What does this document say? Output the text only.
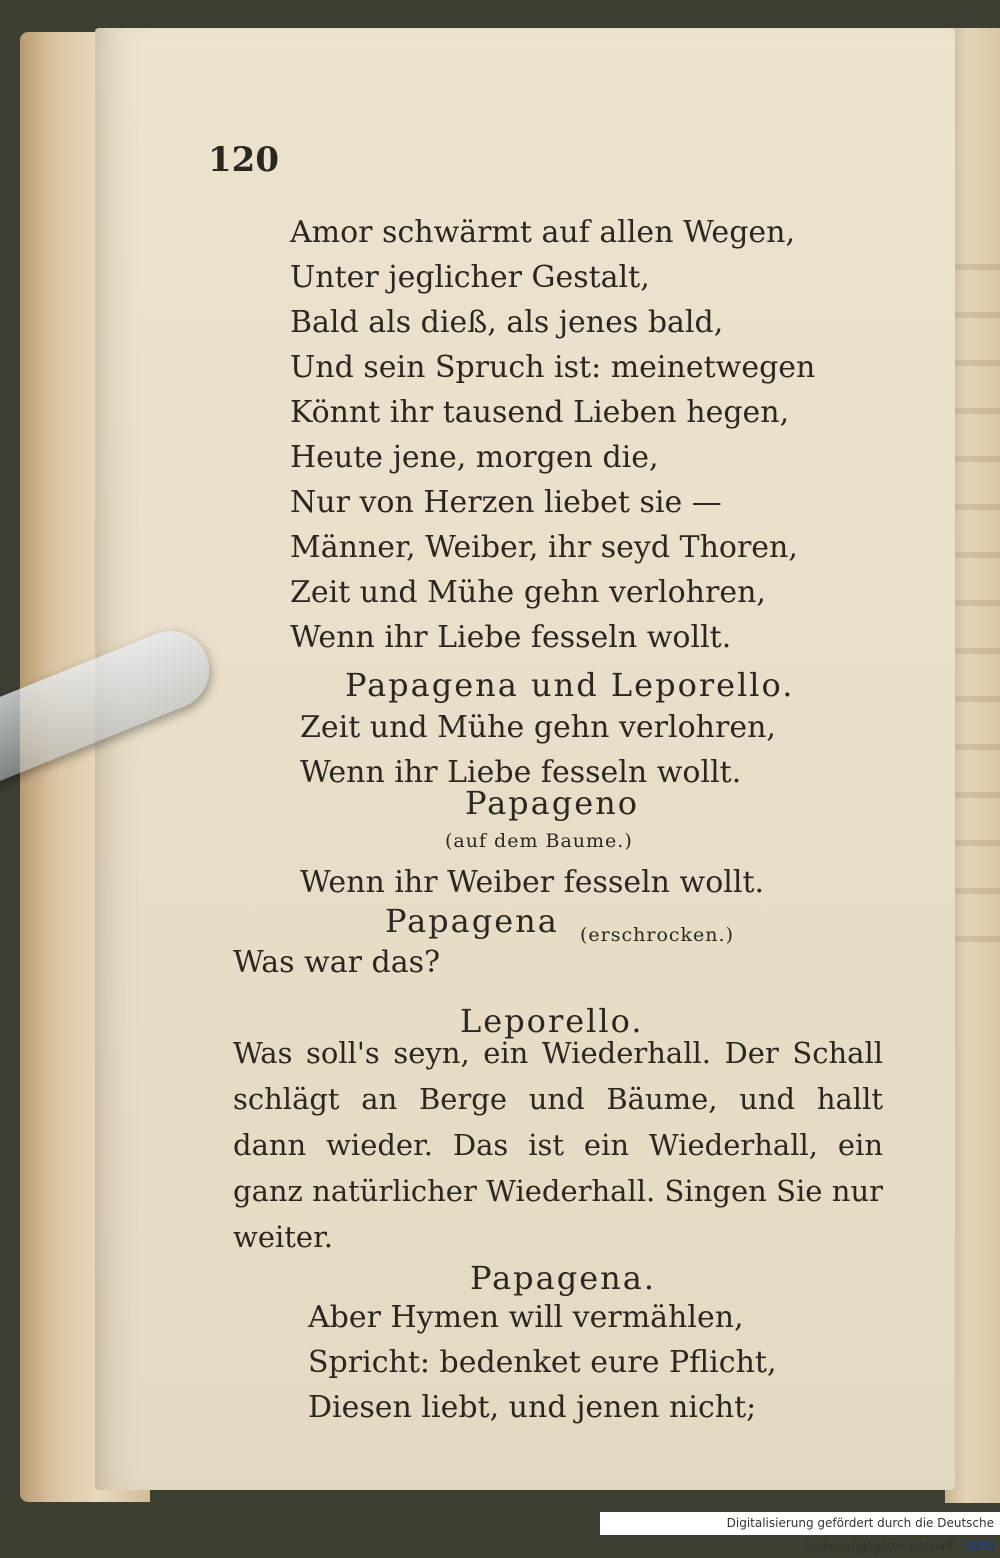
120
Amor schwärmt auf allen Wegen,
Unter jeglicher Gestalt,
Bald als dieß, als jenes bald,
Und sein Spruch ist: meinetwegen
Könnt ihr tausend Lieben hegen,
Heute jene, morgen die,
Nur von Herzen liebet sie —
Männer, Weiber, ihr seyd Thoren,
Zeit und Mühe gehn verlohren,
Wenn ihr Liebe fesseln wollt.
Papagena und Leporello.
Zeit und Mühe gehn verlohren,
Wenn ihr Liebe fesseln wollt.
Papageno
(auf dem Baume.)
Wenn ihr Weiber fesseln wollt.
Papagena (erschrocken.)
Was war das?
Leporello.
Was soll's seyn, ein Wiederhall. Der Schall schlägt an Berge und Bäume, und hallt dann wieder. Das ist ein Wiederhall, ein ganz natürlicher Wiederhall. Singen Sie nur weiter.
Papagena.
Aber Hymen will vermählen,
Spricht: bedenket eure Pflicht,
Diesen liebt, und jenen nicht;
Digitalisierung gefördert durch die Deutsche Forschungsgemeinschaft - DFG
